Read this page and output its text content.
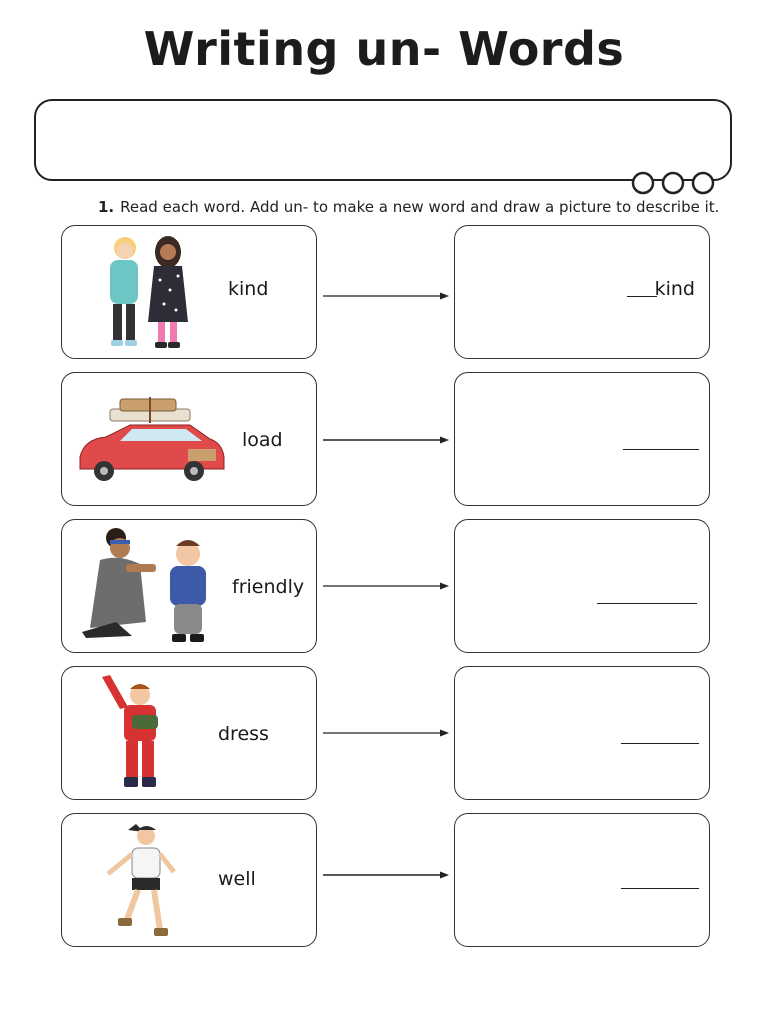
Writing un- Words
1. Read each word. Add un- to make a new word and draw a picture to describe it.
kind	kind
load
friendly
dress
well
